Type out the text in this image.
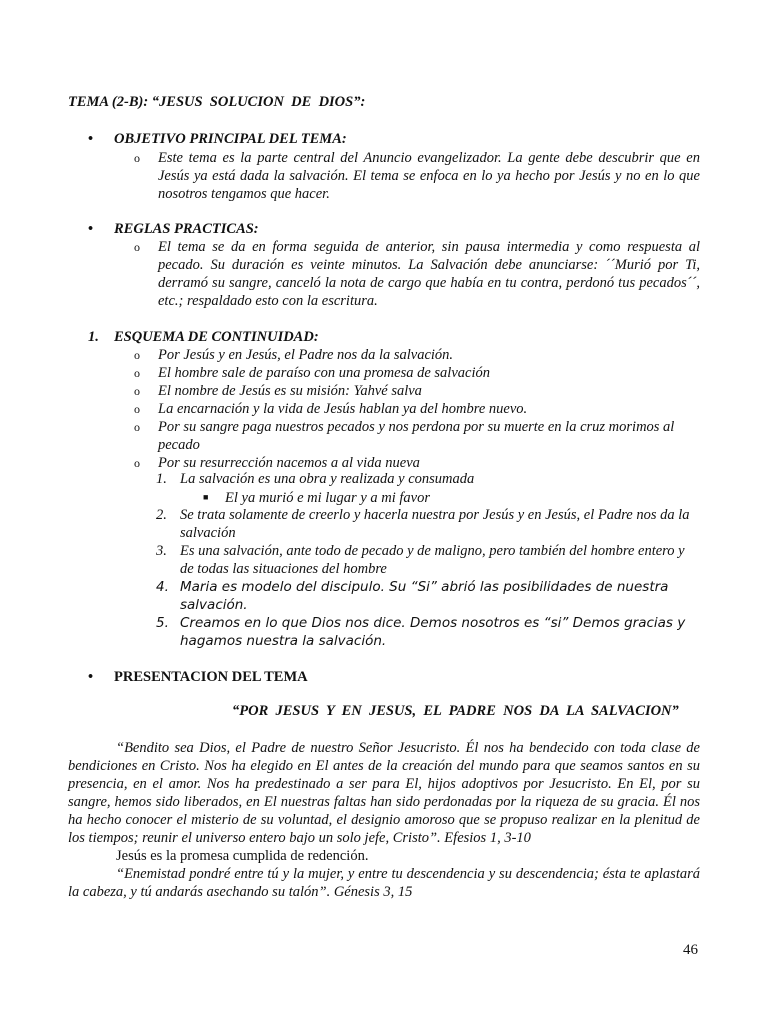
TEMA (2-B): “JESUS  SOLUCION  DE  DIOS”:
• OBJETIVO PRINCIPAL DEL TEMA:
o Este tema es la parte central del Anuncio evangelizador. La gente debe descubrir que en Jesús ya está dada la salvación. El tema se enfoca en lo ya hecho por Jesús y no en lo que nosotros tengamos que hacer.
• REGLAS PRACTICAS:
o El tema se da en forma seguida de anterior, sin pausa intermedia y como respuesta al pecado. Su duración es veinte minutos. La Salvación debe anunciarse: ´´Murió por Ti, derramó su sangre, canceló la nota de cargo que había en tu contra, perdonó tus pecados´´, etc.; respaldado esto con la escritura.
1. ESQUEMA DE CONTINUIDAD:
o Por Jesús y en Jesús, el Padre nos da la salvación.
o El hombre sale de paraíso con una promesa de salvación
o El nombre de Jesús es su misión: Yahvé salva
o La encarnación y la vida de Jesús hablan ya del hombre nuevo.
o Por su sangre paga nuestros pecados y nos perdona por su muerte en la cruz morimos al pecado
o Por su resurrección nacemos a al vida nueva
1. La salvación es una obra y realizada y consumada
■ El ya murió e mi lugar y a mi favor
2. Se trata solamente de creerlo y hacerla nuestra por Jesús y en Jesús, el Padre nos da la salvación
3. Es una salvación, ante todo de pecado y de maligno, pero también del hombre entero y de todas las situaciones del hombre
4. Maria es modelo del discipulo. Su “Si” abrió las posibilidades de nuestra salvación.
5. Creamos en lo que Dios nos dice. Demos nosotros es “si” Demos gracias y hagamos nuestra la salvación.
• PRESENTACION DEL TEMA
“POR  JESUS  Y  EN  JESUS,  EL  PADRE  NOS  DA  LA  SALVACION”
“Bendito sea Dios, el Padre de nuestro Señor Jesucristo. Él nos ha bendecido con toda clase de bendiciones en Cristo. Nos ha elegido en El antes de la creación del mundo para que seamos santos en su presencia, en el amor. Nos ha predestinado a ser para El, hijos adoptivos por Jesucristo. En El, por su sangre, hemos sido liberados, en El nuestras faltas han sido perdonadas por la riqueza de su gracia. Él nos ha hecho conocer el misterio de su voluntad, el designio amoroso que se propuso realizar en la plenitud de los tiempos; reunir el universo entero bajo un solo jefe, Cristo”. Efesios 1, 3-10
Jesús es la promesa cumplida de redención.
“Enemistad pondré entre tú y la mujer, y entre tu descendencia y su descendencia; ésta te aplastará la cabeza, y tú andarás asechando su talón”. Génesis 3, 15
46
